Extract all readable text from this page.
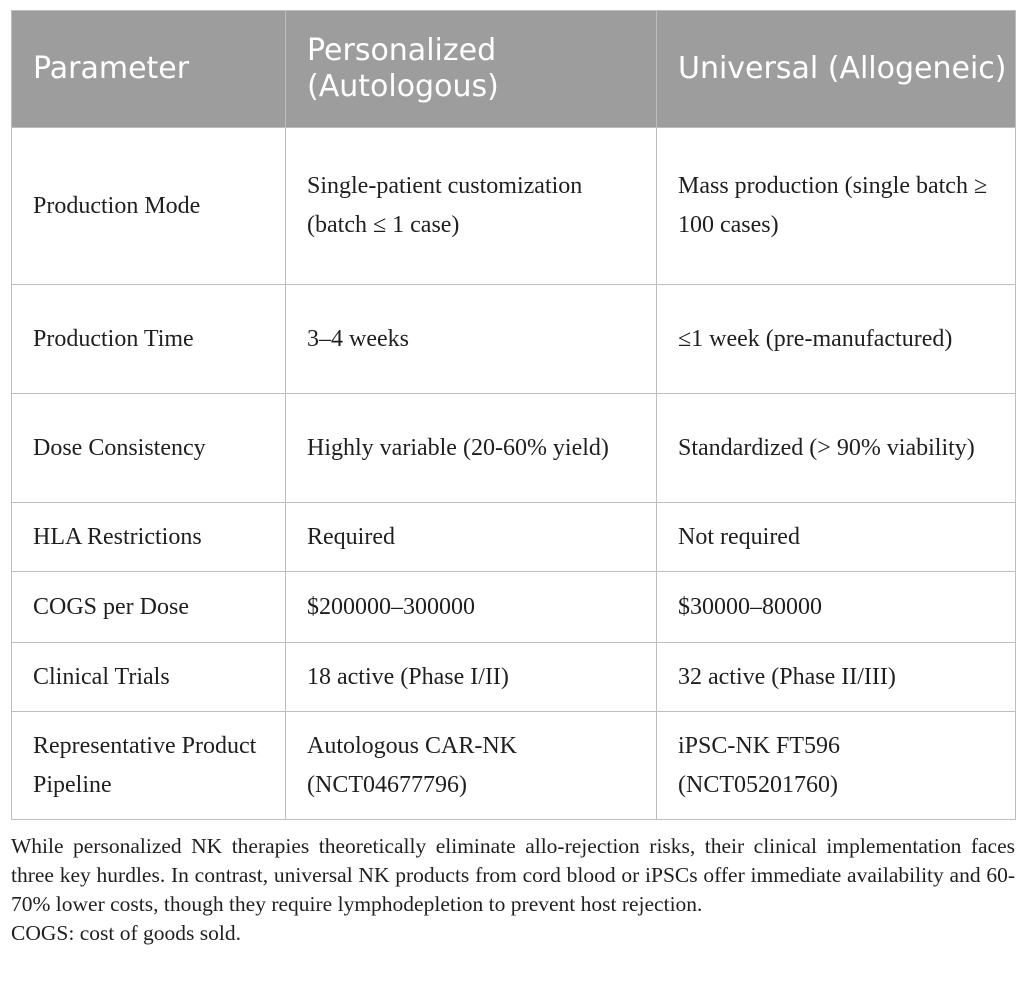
Parameter	Personalized (Autologous)	Universal (Allogeneic)
Production Mode	Single-patient customization (batch ≤ 1 case)	Mass production (single batch ≥ 100 cases)
Production Time	3–4 weeks	≤1 week (pre-manufactured)
Dose Consistency	Highly variable (20-60% yield)	Standardized (> 90% viability)
HLA Restrictions	Required	Not required
COGS per Dose	$200000–300000	$30000–80000
Clinical Trials	18 active (Phase I/II)	32 active (Phase II/III)
Representative Product Pipeline	Autologous CAR-NK (NCT04677796)	iPSC-NK FT596 (NCT05201760)

While personalized NK therapies theoretically eliminate allo-rejection risks, their clinical implementation faces three key hurdles. In contrast, universal NK products from cord blood or iPSCs offer immediate availability and 60-70% lower costs, though they require lymphodepletion to prevent host rejection.

COGS: cost of goods sold.
